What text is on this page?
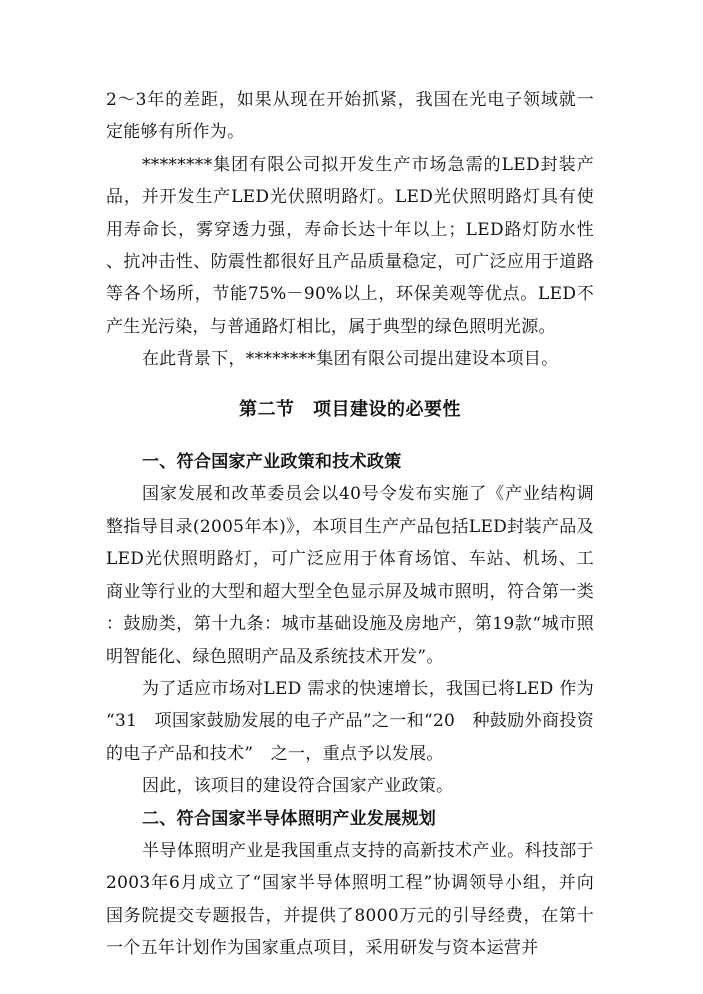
2～3年的差距，如果从现在开始抓紧，我国在光电子领域就一定能够有所作为。

********集团有限公司拟开发生产市场急需的LED封装产品，并开发生产LED光伏照明路灯。LED光伏照明路灯具有使用寿命长，雾穿透力强，寿命长达十年以上；LED路灯防水性、抗冲击性、防震性都很好且产品质量稳定，可广泛应用于道路等各个场所，节能75%－90%以上，环保美观等优点。LED不产生光污染，与普通路灯相比，属于典型的绿色照明光源。

在此背景下，********集团有限公司提出建设本项目。

第二节　项目建设的必要性

一、符合国家产业政策和技术政策

国家发展和改革委员会以40号令发布实施了《产业结构调整指导目录(2005年本)》，本项目生产产品包括LED封装产品及LED光伏照明路灯，可广泛应用于体育场馆、车站、机场、工商业等行业的大型和超大型全色显示屏及城市照明，符合第一类：鼓励类，第十九条：城市基础设施及房地产，第19款“城市照明智能化、绿色照明产品及系统技术开发”。

为了适应市场对LED 需求的快速增长，我国已将LED 作为“31　项国家鼓励发展的电子产品”之一和“20　种鼓励外商投资的电子产品和技术”　之一，重点予以发展。

因此，该项目的建设符合国家产业政策。

二、符合国家半导体照明产业发展规划

半导体照明产业是我国重点支持的高新技术产业。科技部于2003年6月成立了“国家半导体照明工程”协调领导小组，并向国务院提交专题报告，并提供了8000万元的引导经费，在第十一个五年计划作为国家重点项目，采用研发与资本运营并
